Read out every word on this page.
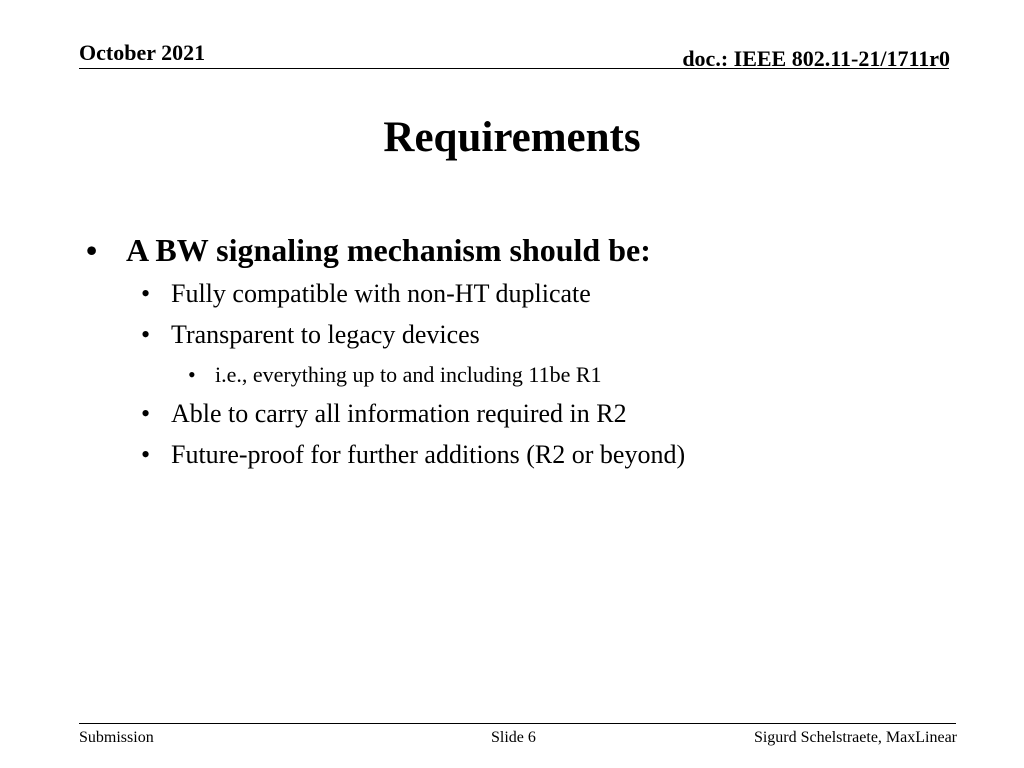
October 2021	doc.: IEEE 802.11-21/1711r0
Requirements
• A BW signaling mechanism should be:
• Fully compatible with non-HT duplicate
• Transparent to legacy devices
• i.e., everything up to and including 11be R1
• Able to carry all information required in R2
• Future-proof for further additions (R2 or beyond)
Submission	Slide 6	Sigurd Schelstraete, MaxLinear
